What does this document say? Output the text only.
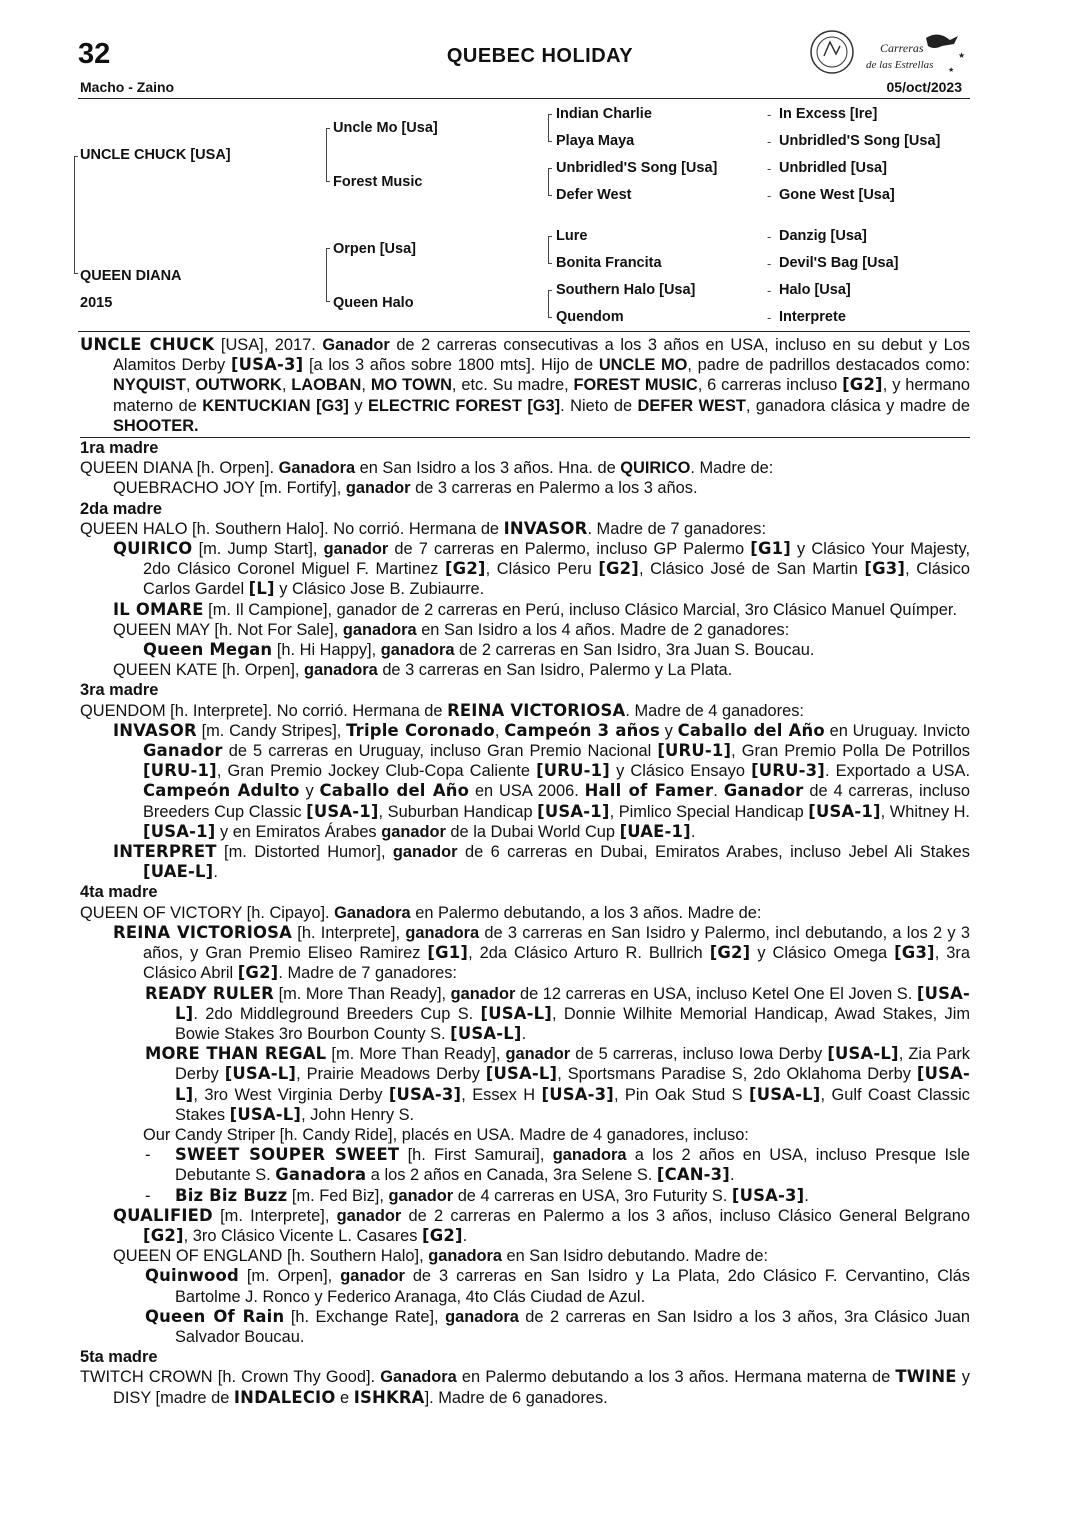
32	QUEBEC HOLIDAY
Macho - Zaino	05/oct/2023
Carreras
de las Estrellas
★
★
UNCLE CHUCK [USA]
QUEEN DIANA
2015
Uncle Mo [Usa]
Forest Music
Orpen [Usa]
Queen Halo
Indian Charlie
Playa Maya
Unbridled'S Song [Usa]
Defer West
Lure
Bonita Francita
Southern Halo [Usa]
Quendom
-
-
-
-
-
-
-
-
In Excess [Ire]
Unbridled'S Song [Usa]
Unbridled [Usa]
Gone West [Usa]
Danzig [Usa]
Devil'S Bag [Usa]
Halo [Usa]
Interprete

UNCLE CHUCK [USA], 2017. Ganador de 2 carreras consecutivas a los 3 años en USA, incluso en su debut y Los Alamitos Derby [USA-3] [a los 3 años sobre 1800 mts]. Hijo de UNCLE MO, padre de padrillos destacados como: NYQUIST, OUTWORK, LAOBAN, MO TOWN, etc. Su madre, FOREST MUSIC, 6 carreras incluso [G2], y hermano materno de KENTUCKIAN [G3] y ELECTRIC FOREST [G3]. Nieto de DEFER WEST, ganadora clásica y madre de SHOOTER.

1ra madre

QUEEN DIANA [h. Orpen]. Ganadora en San Isidro a los 3 años. Hna. de QUIRICO. Madre de:

QUEBRACHO JOY [m. Fortify], ganador de 3 carreras en Palermo a los 3 años.

2da madre

QUEEN HALO [h. Southern Halo]. No corrió. Hermana de INVASOR. Madre de 7 ganadores:

QUIRICO [m. Jump Start], ganador de 7 carreras en Palermo, incluso GP Palermo [G1] y Clásico Your Majesty, 2do Clásico Coronel Miguel F. Martinez [G2], Clásico Peru [G2], Clásico José de San Martin [G3], Clásico Carlos Gardel [L] y Clásico Jose B. Zubiaurre.

IL OMARE [m. Il Campione], ganador de 2 carreras en Perú, incluso Clásico Marcial, 3ro Clásico Manuel Químper.

QUEEN MAY [h. Not For Sale], ganadora en San Isidro a los 4 años. Madre de 2 ganadores:

Queen Megan [h. Hi Happy], ganadora de 2 carreras en San Isidro, 3ra Juan S. Boucau.

QUEEN KATE [h. Orpen], ganadora de 3 carreras en San Isidro, Palermo y La Plata.

3ra madre

QUENDOM [h. Interprete]. No corrió. Hermana de REINA VICTORIOSA. Madre de 4 ganadores:

INVASOR [m. Candy Stripes], Triple Coronado, Campeón 3 años y Caballo del Año en Uruguay. Invicto Ganador de 5 carreras en Uruguay, incluso Gran Premio Nacional [URU-1], Gran Premio Polla De Potrillos [URU-1], Gran Premio Jockey Club-Copa Caliente [URU-1] y Clásico Ensayo [URU-3]. Exportado a USA. Campeón Adulto y Caballo del Año en USA 2006. Hall of Famer. Ganador de 4 carreras, incluso Breeders Cup Classic [USA-1], Suburban Handicap [USA-1], Pimlico Special Handicap [USA-1], Whitney H. [USA-1] y en Emiratos Árabes ganador de la Dubai World Cup [UAE-1].

INTERPRET [m. Distorted Humor], ganador de 6 carreras en Dubai, Emiratos Arabes, incluso Jebel Ali Stakes [UAE-L].

4ta madre

QUEEN OF VICTORY [h. Cipayo]. Ganadora en Palermo debutando, a los 3 años. Madre de:

REINA VICTORIOSA [h. Interprete], ganadora de 3 carreras en San Isidro y Palermo, incl debutando, a los 2 y 3 años, y Gran Premio Eliseo Ramirez [G1], 2da Clásico Arturo R. Bullrich [G2] y Clásico Omega [G3], 3ra Clásico Abril [G2]. Madre de 7 ganadores:

READY RULER [m. More Than Ready], ganador de 12 carreras en USA, incluso Ketel One El Joven S. [USA-L]. 2do Middleground Breeders Cup S. [USA-L], Donnie Wilhite Memorial Handicap, Awad Stakes, Jim Bowie Stakes 3ro Bourbon County S. [USA-L].

MORE THAN REGAL [m. More Than Ready], ganador de 5 carreras, incluso Iowa Derby [USA-L], Zia Park Derby [USA-L], Prairie Meadows Derby [USA-L], Sportsmans Paradise S, 2do Oklahoma Derby [USA-L], 3ro West Virginia Derby [USA-3], Essex H [USA-3], Pin Oak Stud S [USA-L], Gulf Coast Classic Stakes [USA-L], John Henry S.

Our Candy Striper [h. Candy Ride], placés en USA. Madre de 4 ganadores, incluso:

- SWEET SOUPER SWEET [h. First Samurai], ganadora a los 2 años en USA, incluso Presque Isle Debutante S. Ganadora a los 2 años en Canada, 3ra Selene S. [CAN-3].

- Biz Biz Buzz [m. Fed Biz], ganador de 4 carreras en USA, 3ro Futurity S. [USA-3].

QUALIFIED [m. Interprete], ganador de 2 carreras en Palermo a los 3 años, incluso Clásico General Belgrano [G2], 3ro Clásico Vicente L. Casares [G2].

QUEEN OF ENGLAND [h. Southern Halo], ganadora en San Isidro debutando. Madre de:

Quinwood [m. Orpen], ganador de 3 carreras en San Isidro y La Plata, 2do Clásico F. Cervantino, Clás Bartolme J. Ronco y Federico Aranaga, 4to Clás Ciudad de Azul.

Queen Of Rain [h. Exchange Rate], ganadora de 2 carreras en San Isidro a los 3 años, 3ra Clásico Juan Salvador Boucau.

5ta madre

TWITCH CROWN [h. Crown Thy Good]. Ganadora en Palermo debutando a los 3 años. Hermana materna de TWINE y DISY [madre de INDALECIO e ISHKRA]. Madre de 6 ganadores.
